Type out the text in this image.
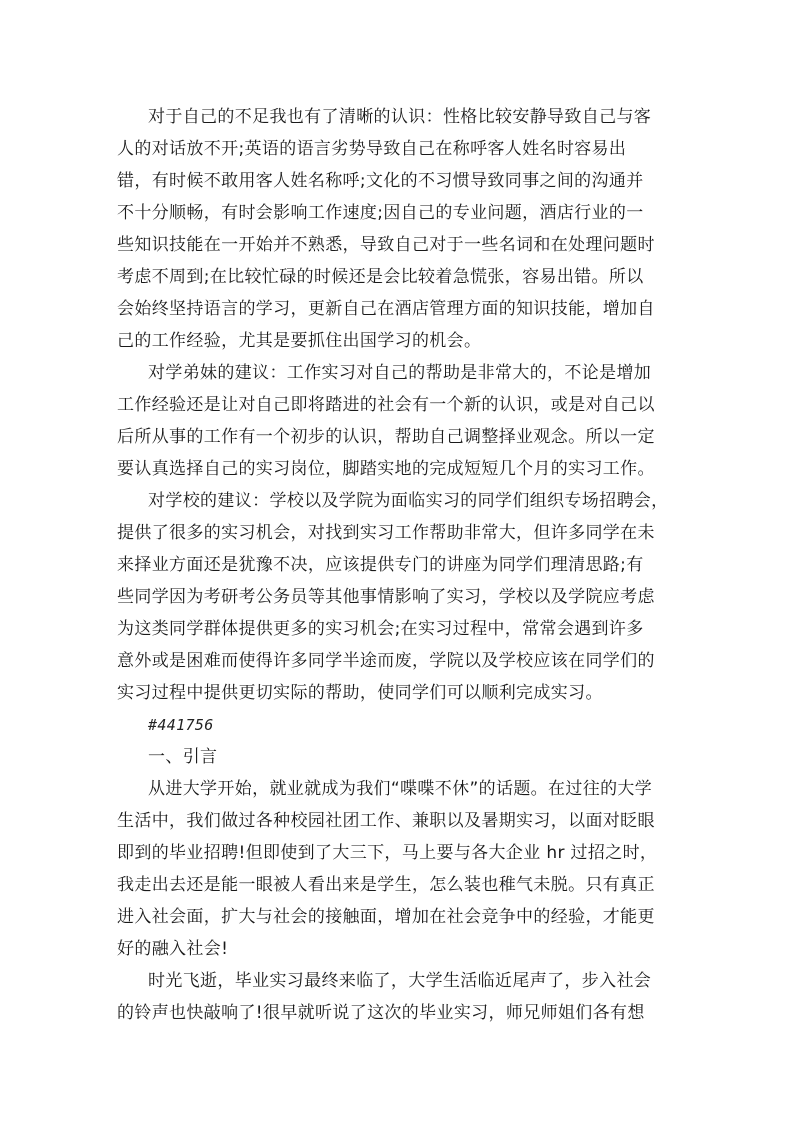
对于自己的不足我也有了清晰的认识：性格比较安静导致自己与客
人的对话放不开;英语的语言劣势导致自己在称呼客人姓名时容易出
错，有时候不敢用客人姓名称呼;文化的不习惯导致同事之间的沟通并
不十分顺畅，有时会影响工作速度;因自己的专业问题，酒店行业的一
些知识技能在一开始并不熟悉，导致自己对于一些名词和在处理问题时
考虑不周到;在比较忙碌的时候还是会比较着急慌张，容易出错。所以
会始终坚持语言的学习，更新自己在酒店管理方面的知识技能，增加自
己的工作经验，尤其是要抓住出国学习的机会。
对学弟妹的建议：工作实习对自己的帮助是非常大的，不论是增加
工作经验还是让对自己即将踏进的社会有一个新的认识，或是对自己以
后所从事的工作有一个初步的认识，帮助自己调整择业观念。所以一定
要认真选择自己的实习岗位，脚踏实地的完成短短几个月的实习工作。
对学校的建议：学校以及学院为面临实习的同学们组织专场招聘会，
提供了很多的实习机会，对找到实习工作帮助非常大，但许多同学在未
来择业方面还是犹豫不决，应该提供专门的讲座为同学们理清思路;有
些同学因为考研考公务员等其他事情影响了实习，学校以及学院应考虑
为这类同学群体提供更多的实习机会;在实习过程中，常常会遇到许多
意外或是困难而使得许多同学半途而废，学院以及学校应该在同学们的
实习过程中提供更切实际的帮助，使同学们可以顺利完成实习。
#441756
一、引言
从进大学开始，就业就成为我们“喋喋不休”的话题。在过往的大学
生活中，我们做过各种校园社团工作、兼职以及暑期实习，以面对眨眼
即到的毕业招聘!但即使到了大三下，马上要与各大企业 hr 过招之时，
我走出去还是能一眼被人看出来是学生，怎么装也稚气未脱。只有真正
进入社会面，扩大与社会的接触面，增加在社会竞争中的经验，才能更
好的融入社会!
时光飞逝，毕业实习最终来临了，大学生活临近尾声了，步入社会
的铃声也快敲响了!很早就听说了这次的毕业实习，师兄师姐们各有想
